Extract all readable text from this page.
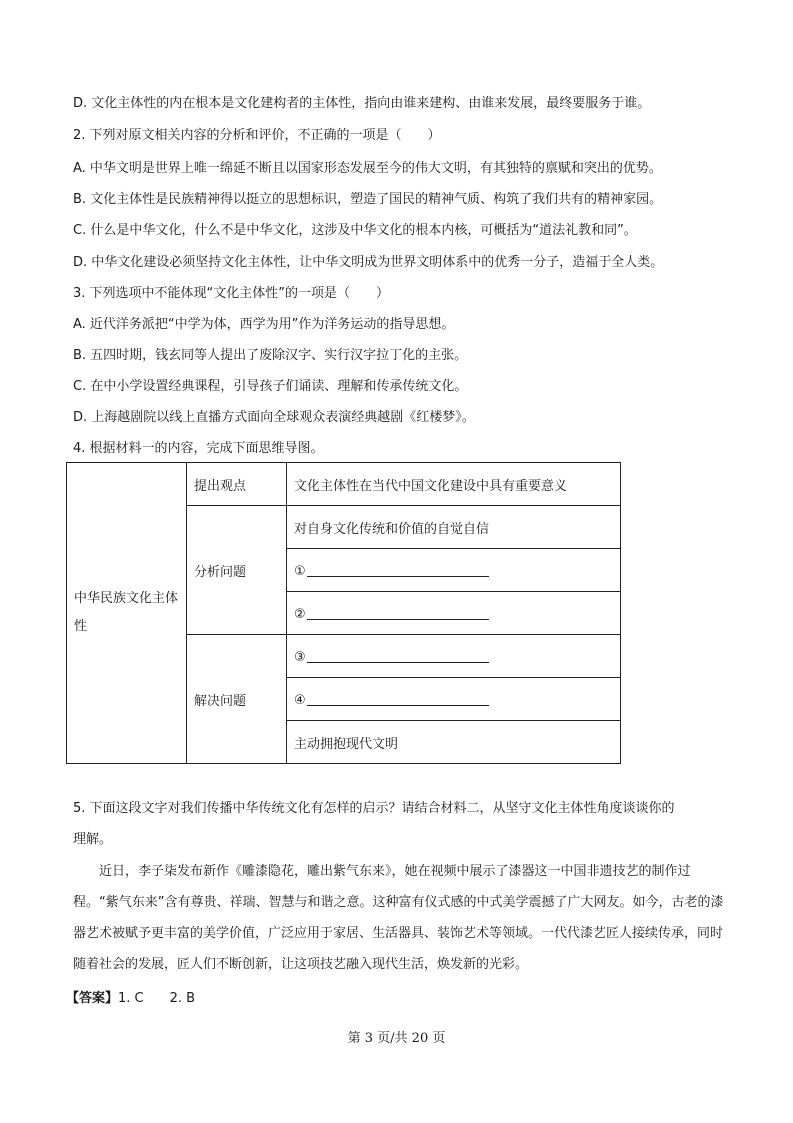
D. 文化主体性的内在根本是文化建构者的主体性，指向由谁来建构、由谁来发展，最终要服务于谁。
2. 下列对原文相关内容的分析和评价，不正确的一项是（　　）
A. 中华文明是世界上唯一绵延不断且以国家形态发展至今的伟大文明，有其独特的禀赋和突出的优势。
B. 文化主体性是民族精神得以挺立的思想标识，塑造了国民的精神气质、构筑了我们共有的精神家园。
C. 什么是中华文化，什么不是中华文化，这涉及中华文化的根本内核，可概括为“道法礼教和同”。
D. 中华文化建设必须坚持文化主体性，让中华文明成为世界文明体系中的优秀一分子，造福于全人类。
3. 下列选项中不能体现“文化主体性”的一项是（　　）
A. 近代洋务派把“中学为体，西学为用”作为洋务运动的指导思想。
B. 五四时期，钱玄同等人提出了废除汉字、实行汉字拉丁化的主张。
C. 在中小学设置经典课程，引导孩子们诵读、理解和传承传统文化。
D. 上海越剧院以线上直播方式面向全球观众表演经典越剧《红楼梦》。
4. 根据材料一的内容，完成下面思维导图。
中华民族文化主体性	提出观点	文化主体性在当代中国文化建设中具有重要意义
	分析问题	对自身文化传统和价值的自觉自信
		①
		②
	解决问题	③
		④
		主动拥抱现代文明
5. 下面这段文字对我们传播中华传统文化有怎样的启示？请结合材料二，从坚守文化主体性角度谈谈你的
理解。
近日，李子柒发布新作《雕漆隐花，雕出紫气东来》，她在视频中展示了漆器这一中国非遗技艺的制作过程。“紫气东来”含有尊贵、祥瑞、智慧与和谐之意。这种富有仪式感的中式美学震撼了广大网友。如今，古老的漆器艺术被赋予更丰富的美学价值，广泛应用于家居、生活器具、装饰艺术等领域。一代代漆艺匠人接续传承，同时随着社会的发展，匠人们不断创新，让这项技艺融入现代生活，焕发新的光彩。
【答案】1. C　　2. B
第 3 页/共 20 页
